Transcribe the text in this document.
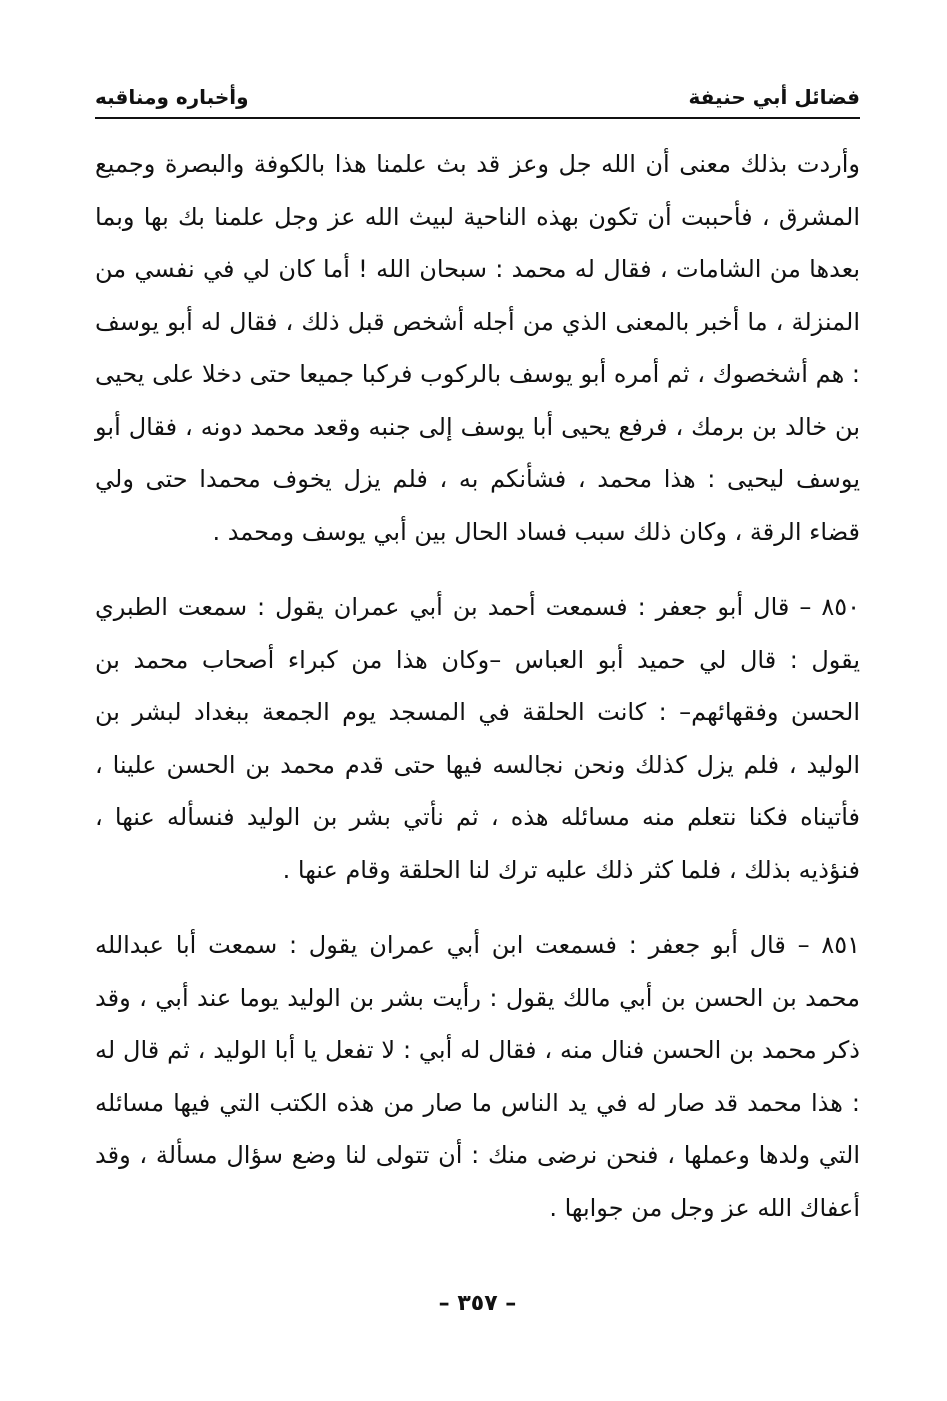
فضائل أبي حنيفة
وأخباره ومناقبه

وأردت بذلك معنى أن الله جل وعز قد بث علمنا هذا بالكوفة والبصرة وجميع المشرق ، فأحببت أن تكون بهذه الناحية لبيث الله عز وجل علمنا بك بها وبما بعدها من الشامات ، فقال له محمد : سبحان الله ! أما كان لي في نفسي من المنزلة ، ما أخبر بالمعنى الذي من أجله أشخص قبل ذلك ، فقال له أبو يوسف : هم أشخصوك ، ثم أمره أبو يوسف بالركوب فركبا جميعا حتى دخلا على يحيى بن خالد بن برمك ، فرفع يحيى أبا يوسف إلى جنبه وقعد محمد دونه ، فقال أبو يوسف ليحيى : هذا محمد ، فشأنكم به ، فلم يزل يخوف محمدا حتى ولي قضاء الرقة ، وكان ذلك سبب فساد الحال بين أبي يوسف ومحمد .

٨٥٠ – قال أبو جعفر : فسمعت أحمد بن أبي عمران يقول : سمعت الطبري يقول : قال لي حميد أبو العباس –وكان هذا من كبراء أصحاب محمد بن الحسن وفقهائهم– : كانت الحلقة في المسجد يوم الجمعة ببغداد لبشر بن الوليد ، فلم يزل كذلك ونحن نجالسه فيها حتى قدم محمد بن الحسن علينا ، فأتيناه فكنا نتعلم منه مسائله هذه ، ثم نأتي بشر بن الوليد فنسأله عنها ، فنؤذيه بذلك ، فلما كثر ذلك عليه ترك لنا الحلقة وقام عنها .

٨٥١ – قال أبو جعفر : فسمعت ابن أبي عمران يقول : سمعت أبا عبدالله محمد بن الحسن بن أبي مالك يقول : رأيت بشر بن الوليد يوما عند أبي ، وقد ذكر محمد بن الحسن فنال منه ، فقال له أبي : لا تفعل يا أبا الوليد ، ثم قال له : هذا محمد قد صار له في يد الناس ما صار من هذه الكتب التي فيها مسائله التي ولدها وعملها ، فنحن نرضى منك : أن تتولى لنا وضع سؤال مسألة ، وقد أعفاك الله عز وجل من جوابها .

– ٣٥٧ –
